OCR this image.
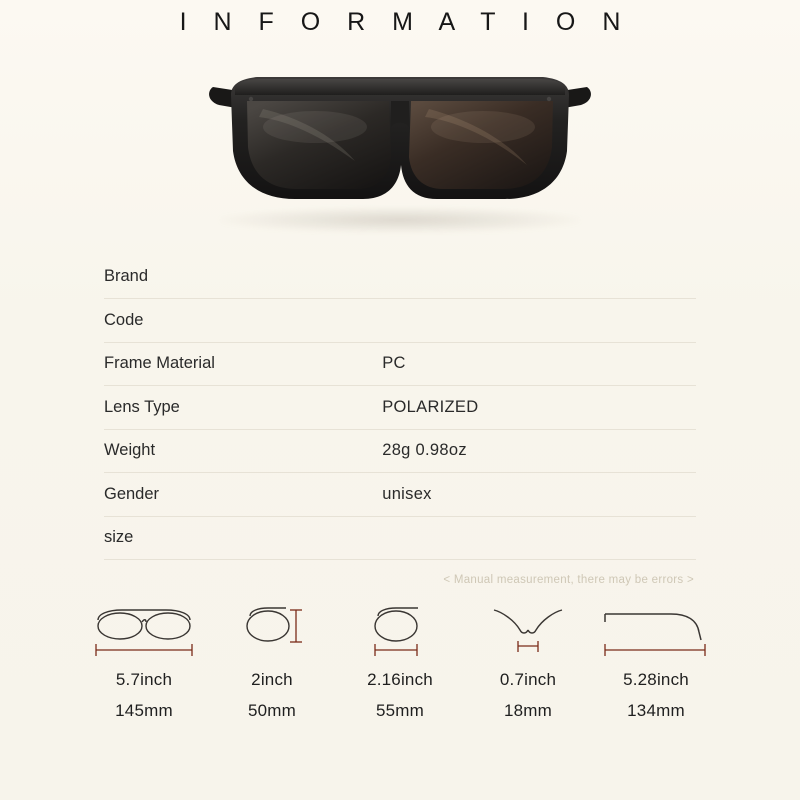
I N F O R M A T I O N
Brand	
Code	
Frame Material	PC
Lens Type	POLARIZED
Weight	28g 0.98oz
Gender	unisex
size	
< Manual measurement, there may be errors >
5.7inch
145mm
2inch
50mm
2.16inch
55mm
0.7inch
18mm
5.28inch
134mm
